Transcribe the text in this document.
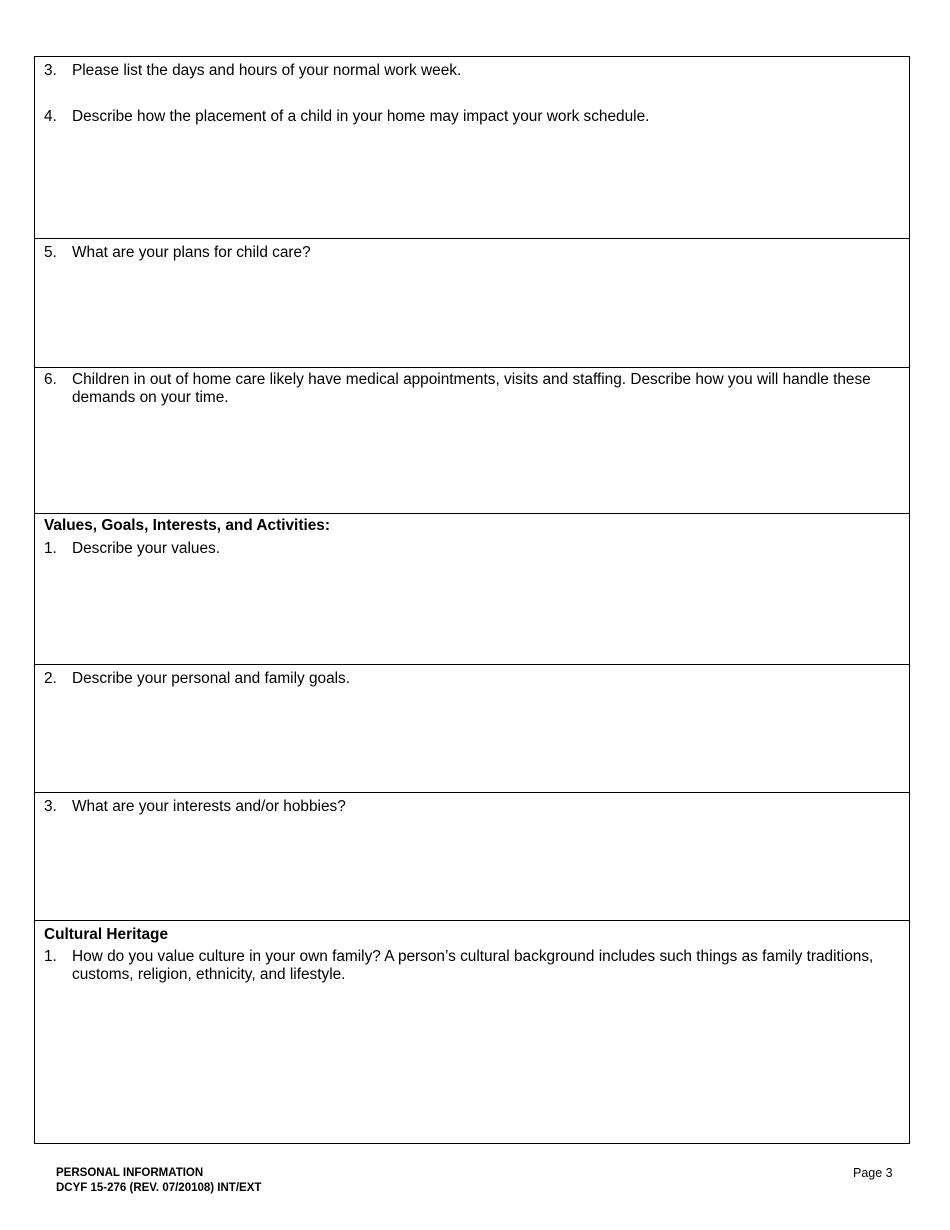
3. Please list the days and hours of your normal work week.
4. Describe how the placement of a child in your home may impact your work schedule.
5. What are your plans for child care?
6. Children in out of home care likely have medical appointments, visits and staffing. Describe how you will handle these demands on your time.
Values, Goals, Interests, and Activities:
1. Describe your values.
2. Describe your personal and family goals.
3. What are your interests and/or hobbies?
Cultural Heritage
1. How do you value culture in your own family? A person’s cultural background includes such things as family traditions, customs, religion, ethnicity, and lifestyle.
PERSONAL INFORMATION
DCYF 15-276 (REV. 07/20108) INT/EXT
Page 3
